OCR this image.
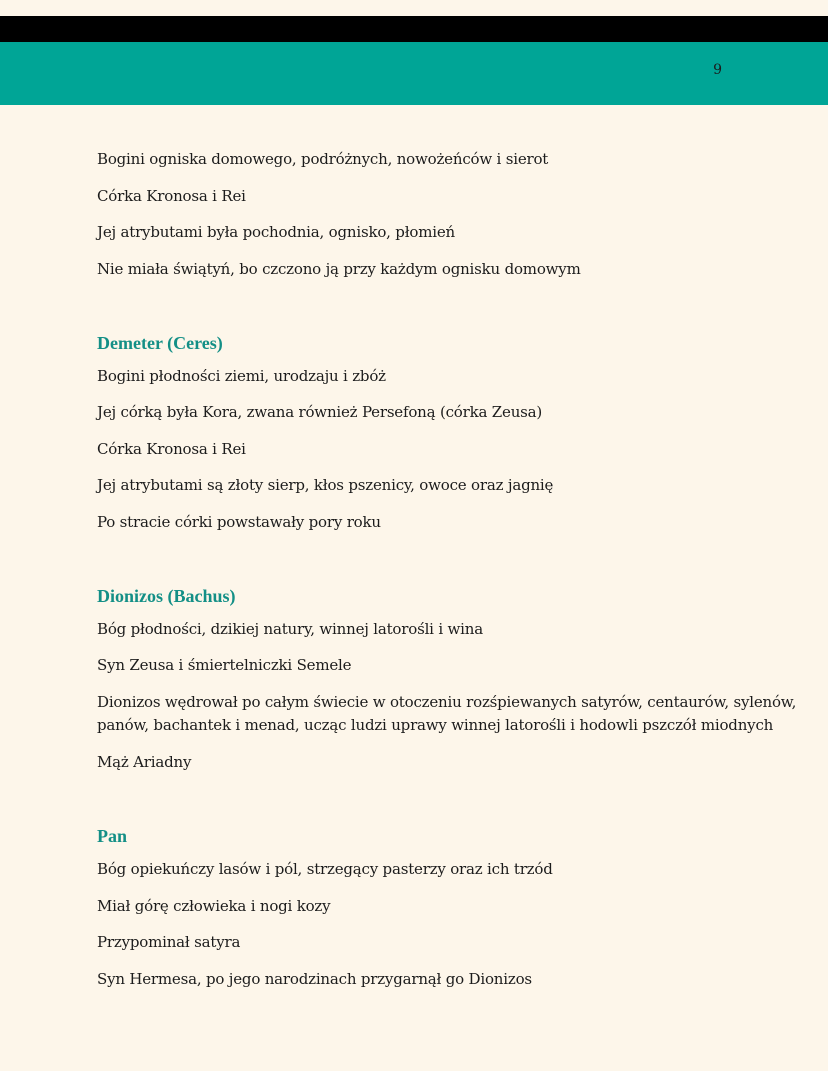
9

Bogini ogniska domowego, podróżnych, nowożeńców i sierot

Córka Kronosa i Rei

Jej atrybutami była pochodnia, ognisko, płomień

Nie miała świątyń, bo czczono ją przy każdym ognisku domowym

Demeter (Ceres)

Bogini płodności ziemi, urodzaju i zbóż

Jej córką była Kora, zwana również Persefoną (córka Zeusa)

Córka Kronosa i Rei

Jej atrybutami są złoty sierp, kłos pszenicy, owoce oraz jagnię

Po stracie córki powstawały pory roku

Dionizos (Bachus)

Bóg płodności, dzikiej natury, winnej latorośli i wina

Syn Zeusa i śmiertelniczki Semele

Dionizos wędrował po całym świecie w otoczeniu rozśpiewanych satyrów, centaurów, sylenów,

panów, bachantek i menad, ucząc ludzi uprawy winnej latorośli i hodowli pszczół miodnych

Mąż Ariadny

Pan

Bóg opiekuńczy lasów i pól, strzegący pasterzy oraz ich trzód

Miał górę człowieka i nogi kozy

Przypominał satyra

Syn Hermesa, po jego narodzinach przygarnął go Dionizos
